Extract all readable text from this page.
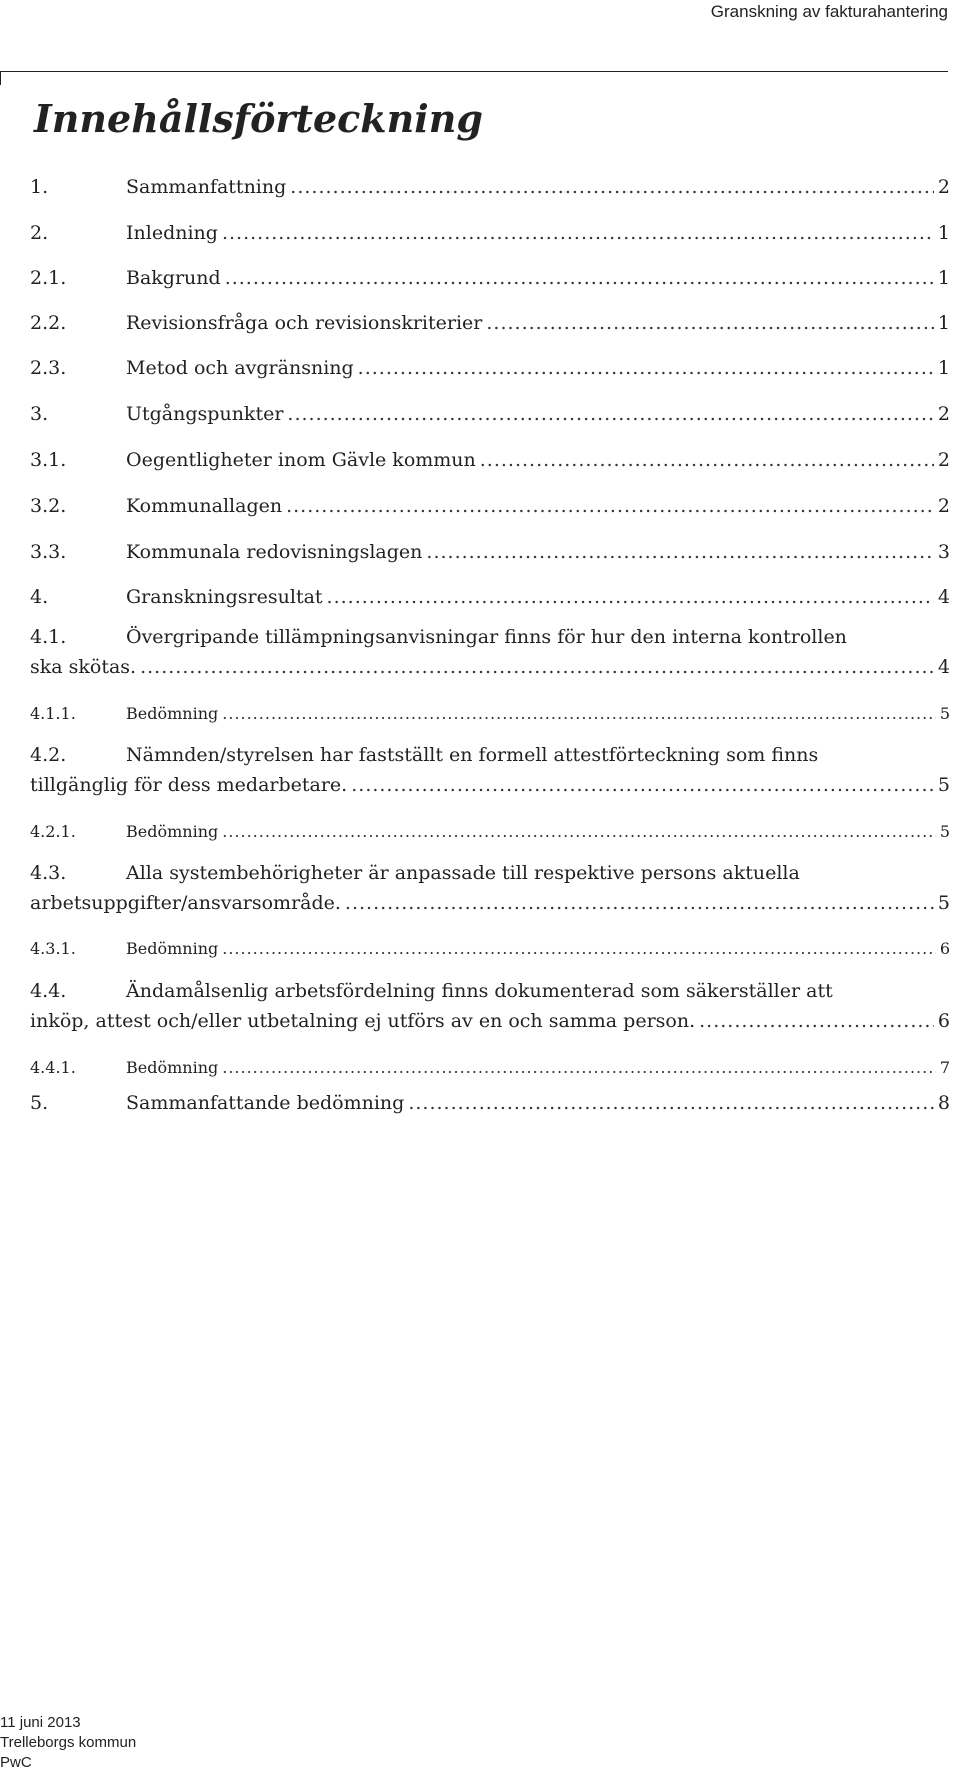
Granskning av fakturahantering
Innehållsförteckning
1.	Sammanfattning .....	2
2.	Inledning .....	1
2.1.	Bakgrund .....	1
2.2.	Revisionsfråga och revisionskriterier .....	1
2.3.	Metod och avgränsning .....	1
3.	Utgångspunkter .....	2
3.1.	Oegentligheter inom Gävle kommun .....	2
3.2.	Kommunallagen .....	2
3.3.	Kommunala redovisningslagen .....	3
4.	Granskningsresultat .....	4
4.1.	Övergripande tillämpningsanvisningar finns för hur den interna kontrollen
ska skötas. .....	4
4.1.1.	Bedömning .....	5
4.2.	Nämnden/styrelsen har fastställt en formell attestförteckning som finns
tillgänglig för dess medarbetare. .....	5
4.2.1.	Bedömning .....	5
4.3.	Alla systembehörigheter är anpassade till respektive persons aktuella
arbetsuppgifter/ansvarsområde. .....	5
4.3.1.	Bedömning .....	6
4.4.	Ändamålsenlig arbetsfördelning finns dokumenterad som säkerställer att
inköp, attest och/eller utbetalning ej utförs av en och samma person. .....	6
4.4.1.	Bedömning .....	7
5.	Sammanfattande bedömning .....	8
11 juni 2013
Trelleborgs kommun
PwC
